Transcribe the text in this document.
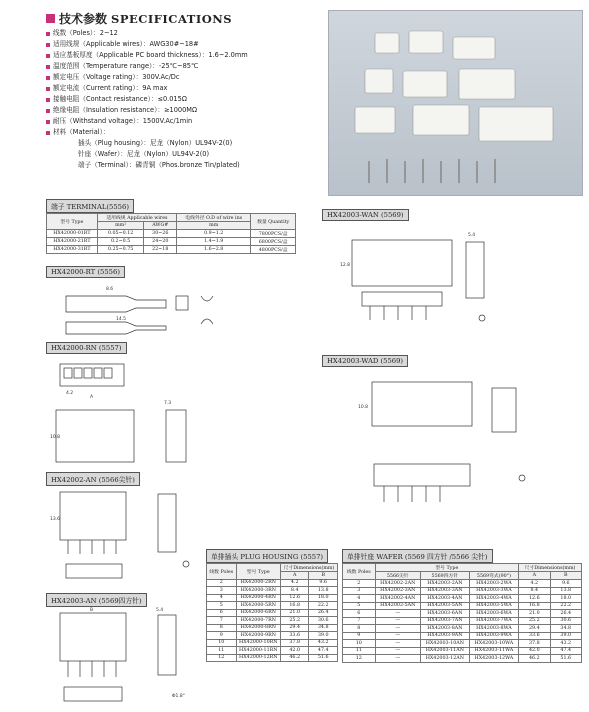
技术参数 SPECIFICATIONS
线数（Poles）：2~12
适用线规（Applicable wires）：AWG30#~18#
适应基板厚度（Applicable PC board thickness）：1.6~2.0mm
温度范围（Temperature range）：-25℃~85℃
额定电压（Voltage rating）：300V.Ac/Dc
额定电流（Current rating）：9A max
接触电阻（Contact resistance）：≤0.015Ω
绝缘电阻（Insulation resistance）：≥1000MΩ
耐压（Withstand voltage）：1500V.Ac/1min
材料（Material）：
插头（Plug housing）：尼龙（Nylon）UL94V-2(0)
针座（Wafer）：尼龙（Nylon）UL94V-2(0)
端子（Terminal）：磷青铜（Phos.bronze Tin/plated)
端子 TERMINAL(5556)
型号 Type	适用线规 Applicable wires		电线外径 O.D of wire ins	数量 Quantity
	mm²	AWG#	mm	
HX42000-01RT	0.05~0.12	30~26	0.9~1.2	7800PCS/盒
HX42000-21RT	0.2~0.5	24~20	1.4~1.9	6800PCS/盒
HX42000-31RT	0.25~0.75	22~18	1.6~2.8	4800PCS/盒
HX42000-RT (5556)
8.6
14.5
HX42000-RN (5557)
4.2
A
10.8
7.3
HX42002-AN (5566尖针)
13.6
HX42003-AN (5569四方针)
B	5.4
Φ1.8°
HX42003-WAN (5569)
12.8
5.4
HX42003-WAD (5569)
10.8
单排插头 PLUG HOUSING (5557)
线数 Poles	型号 Type	尺寸Dimensions(mm)	
		A	B
2	HX42000-2RN	4.2	9.6
3	HX42000-3RN	8.4	13.8
4	HX42000-4RN	12.6	18.0
5	HX42000-5RN	16.8	22.2
6	HX42000-6RN	21.0	26.4
7	HX42000-7RN	25.2	30.6
8	HX42000-8RN	29.4	34.8
9	HX42000-9RN	33.6	39.0
10	HX42000-10RN	37.8	43.2
11	HX42000-11RN	42.0	47.4
12	HX42000-12RN	46.2	51.6
单排针座 WAFER (5569 四方针 /5566 尖针)
线数 Poles	型号 Type			尺寸Dimensions(mm)	
	5566尖针	5569四方针	5569弯式(90°)	A	B
2	HX42002-2AN	HX42003-2AN	HX42003-2WA	4.2	9.6
3	HX42002-3AN	HX42003-3AN	HX42003-3WA	8.4	13.8
4	HX42002-4AN	HX42003-4AN	HX42003-4WA	12.6	18.0
5	HX42002-5AN	HX42003-5AN	HX42003-5WA	16.8	22.2
6	—	HX42003-6AN	HX42003-6WA	21.0	26.4
7	—	HX42003-7AN	HX42003-7WA	25.2	30.6
8	—	HX42003-8AN	HX42003-8WA	29.4	34.8
9	—	HX42003-9AN	HX42003-9WA	33.6	39.0
10	—	HX42003-10AN	HX42003-10WA	37.8	43.2
11	—	HX42003-11AN	HX42003-11WA	42.0	47.4
12	—	HX42003-12AN	HX42003-12WA	46.2	51.6
